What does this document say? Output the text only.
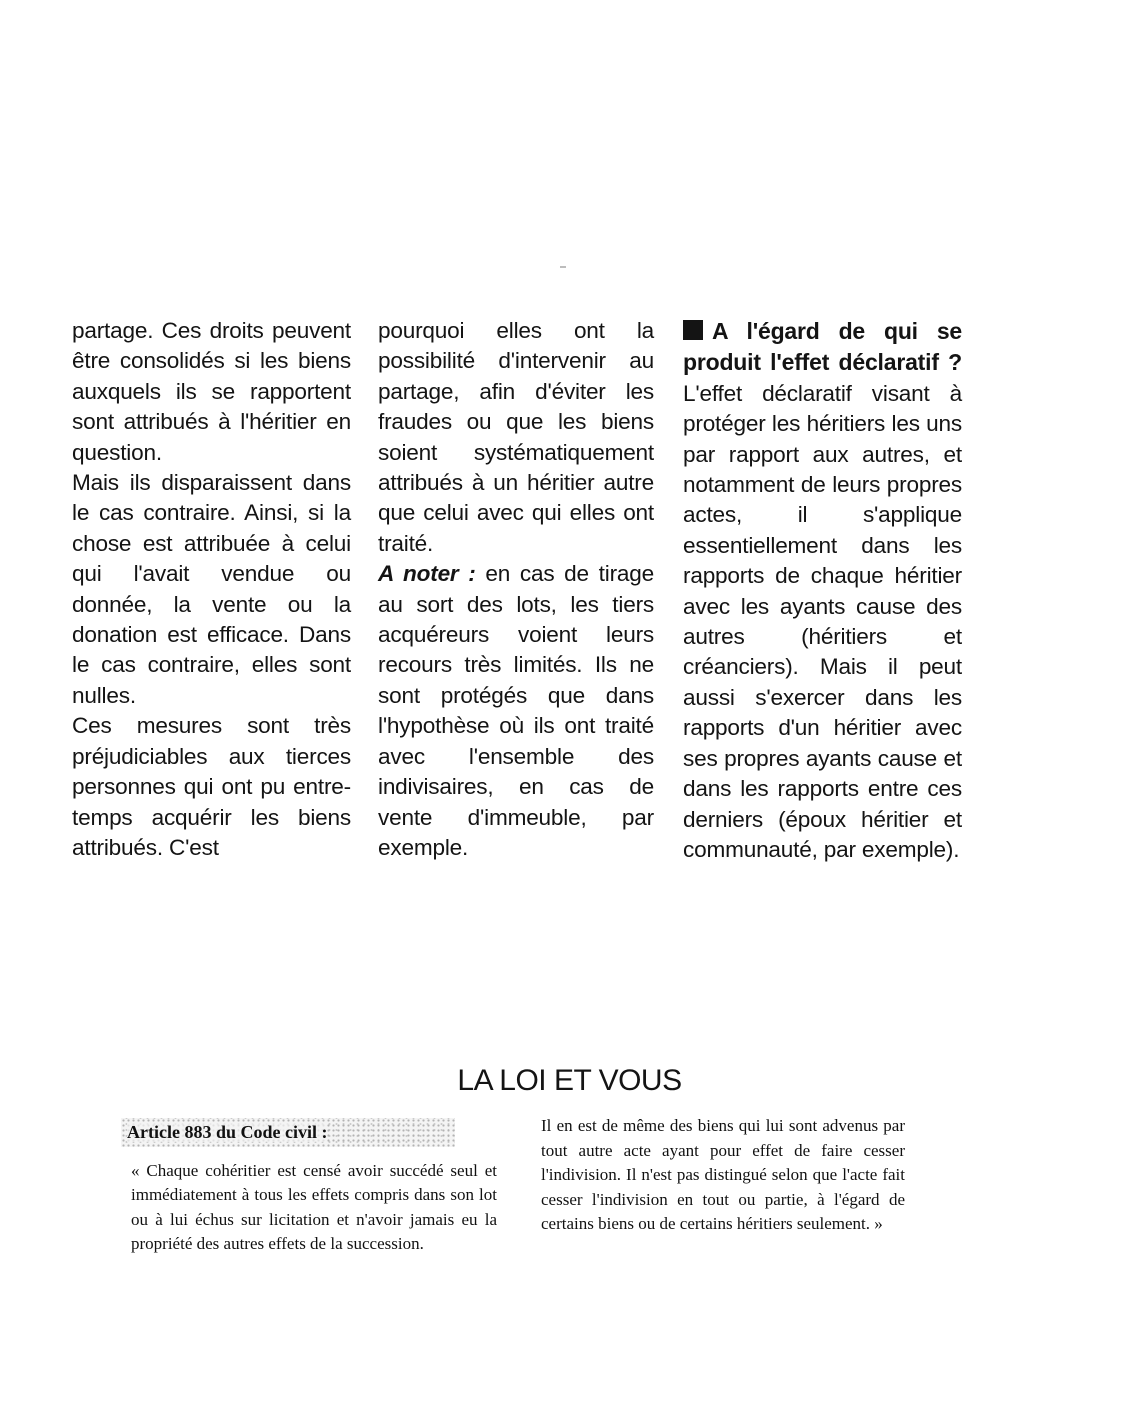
partage. Ces droits peuvent être consolidés si les biens auxquels ils se rapportent sont attribués à l'héritier en question.

Mais ils disparaissent dans le cas contraire. Ainsi, si la chose est attribuée à celui qui l'avait vendue ou donnée, la vente ou la donation est efficace. Dans le cas contraire, elles sont nulles.

Ces mesures sont très préjudiciables aux tierces personnes qui ont pu entre-temps acquérir les biens attribués. C'est

pourquoi elles ont la possibilité d'intervenir au partage, afin d'éviter les fraudes ou que les biens soient systématiquement attribués à un héritier autre que celui avec qui elles ont traité.

A noter : en cas de tirage au sort des lots, les tiers acquéreurs voient leurs recours très limités. Ils ne sont protégés que dans l'hypothèse où ils ont traité avec l'ensemble des indivisaires, en cas de vente d'immeuble, par exemple.

A l'égard de qui se produit l'effet déclaratif ? L'effet déclaratif visant à protéger les héritiers les uns par rapport aux autres, et notamment de leurs propres actes, il s'applique essentiellement dans les rapports de chaque héritier avec les ayants cause des autres (héritiers et créanciers). Mais il peut aussi s'exercer dans les rapports d'un héritier avec ses propres ayants cause et dans les rapports entre ces derniers (époux héritier et communauté, par exemple).

LA LOI ET VOUS
Article 883 du Code civil :

« Chaque cohéritier est censé avoir succédé seul et immédiatement à tous les effets compris dans son lot ou à lui échus sur licitation et n'avoir jamais eu la propriété des autres effets de la succession.

Il en est de même des biens qui lui sont advenus par tout autre acte ayant pour effet de faire cesser l'indivision. Il n'est pas distingué selon que l'acte fait cesser l'indivision en tout ou partie, à l'égard de certains biens ou de certains héritiers seulement. »
